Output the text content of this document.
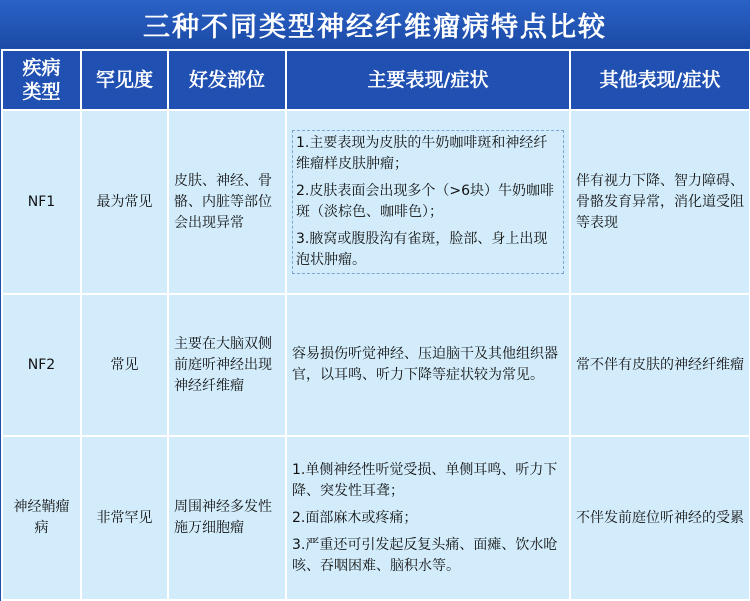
三种不同类型神经纤维瘤病特点比较
疾病类型	罕见度	好发部位	主要表现/症状	其他表现/症状
NF1	最为常见	皮肤、神经、骨骼、内脏等部位会出现异常	1.主要表现为皮肤的牛奶咖啡斑和神经纤维瘤样皮肤肿瘤；
2.皮肤表面会出现多个（>6块）牛奶咖啡斑（淡棕色、咖啡色）；
3.腋窝或腹股沟有雀斑，脸部、身上出现泡状肿瘤。	伴有视力下降、智力障碍、骨骼发育异常，消化道受阻等表现
NF2	常见	主要在大脑双侧前庭听神经出现神经纤维瘤	容易损伤听觉神经、压迫脑干及其他组织器官，以耳鸣、听力下降等症状较为常见。	常不伴有皮肤的神经纤维瘤
神经鞘瘤病	非常罕见	周围神经多发性施万细胞瘤	1.单侧神经性听觉受损、单侧耳鸣、听力下降、突发性耳聋；
2.面部麻木或疼痛；
3.严重还可引发起反复头痛、面瘫、饮水呛咳、吞咽困难、脑积水等。	不伴发前庭位听神经的受累
